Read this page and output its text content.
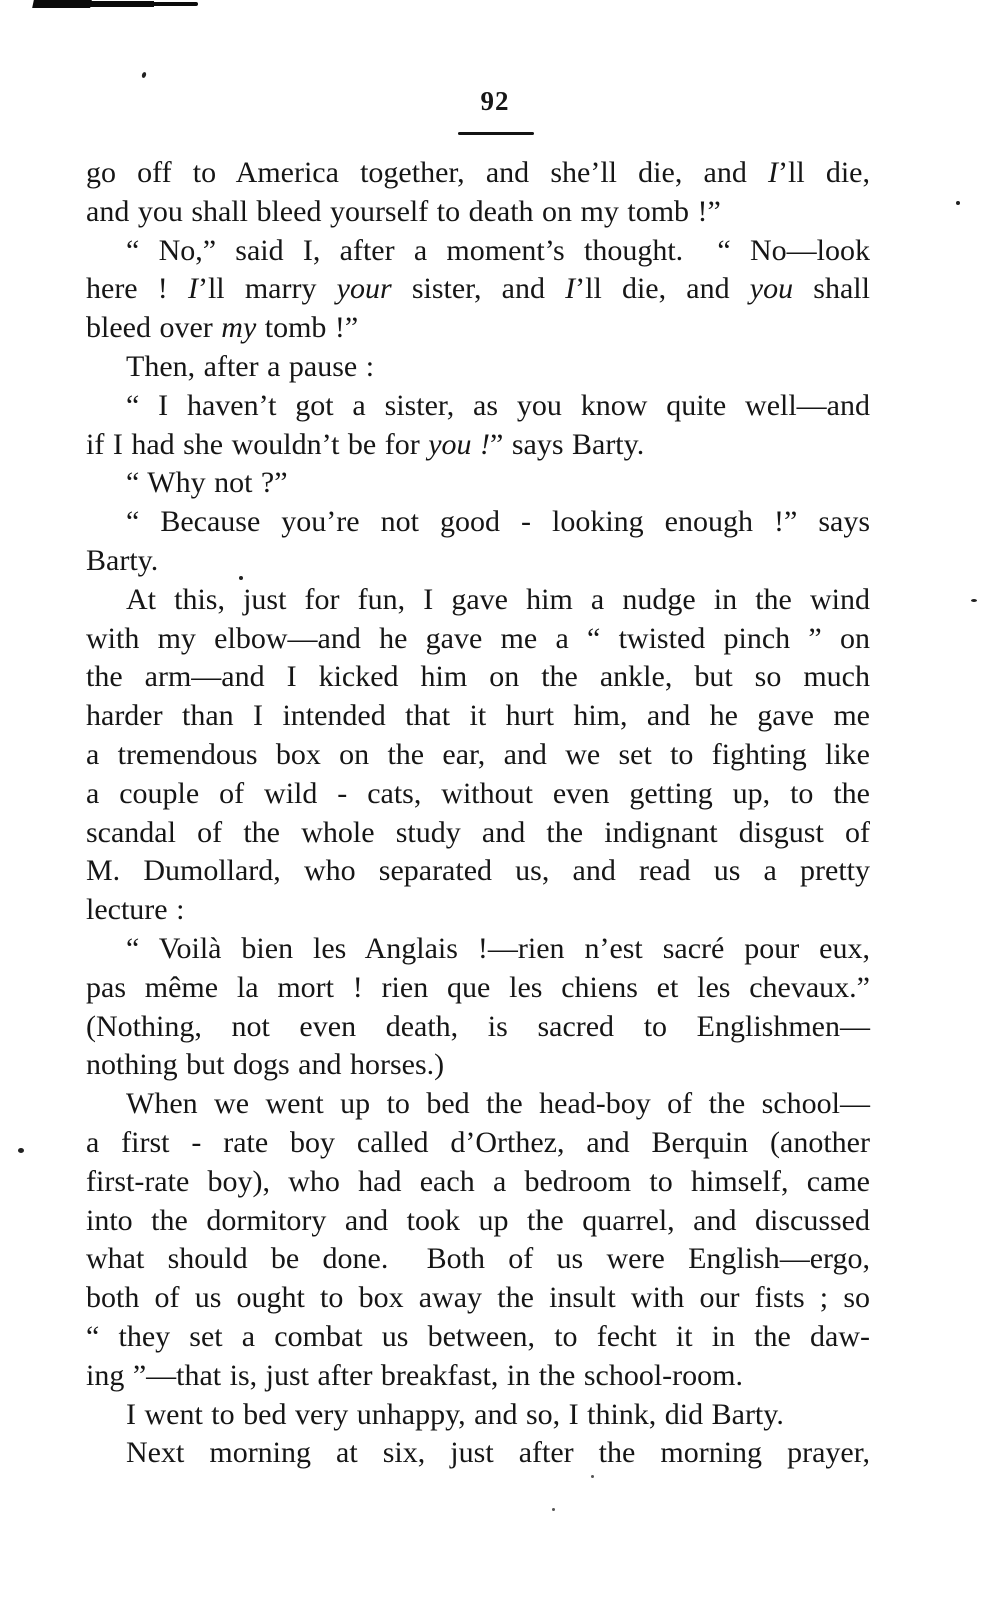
92
go off to America together, and she’ll die, and I’ll die,
and you shall bleed yourself to death on my tomb !”
“ No,” said I, after a moment’s thought.  “ No—look
here ! I’ll marry your sister, and I’ll die, and you shall
bleed over my tomb !”
Then, after a pause :
“ I haven’t got a sister, as you know quite well—and
if I had she wouldn’t be for you !” says Barty.
“ Why not ?”
“ Because you’re not good - looking enough !” says
Barty.
At this, just for fun, I gave him a nudge in the wind
with my elbow—and he gave me a “ twisted pinch ” on
the arm—and I kicked him on the ankle, but so much
harder than I intended that it hurt him, and he gave me
a tremendous box on the ear, and we set to fighting like
a couple of wild - cats, without even getting up, to the
scandal of the whole study and the indignant disgust of
M. Dumollard, who separated us, and read us a pretty
lecture :
“ Voilà bien les Anglais !—rien n’est sacré pour eux,
pas même la mort ! rien que les chiens et les chevaux.”
(Nothing, not even death, is sacred to Englishmen—
nothing but dogs and horses.)
When we went up to bed the head-boy of the school—
a first - rate boy called d’Orthez, and Berquin (another
first-rate boy), who had each a bedroom to himself, came
into the dormitory and took up the quarrel, and discussed
what should be done.  Both of us were English—ergo,
both of us ought to box away the insult with our fists ; so
“ they set a combat us between, to fecht it in the daw-
ing ”—that is, just after breakfast, in the school-room.
I went to bed very unhappy, and so, I think, did Barty.
Next morning at six, just after the morning prayer,
